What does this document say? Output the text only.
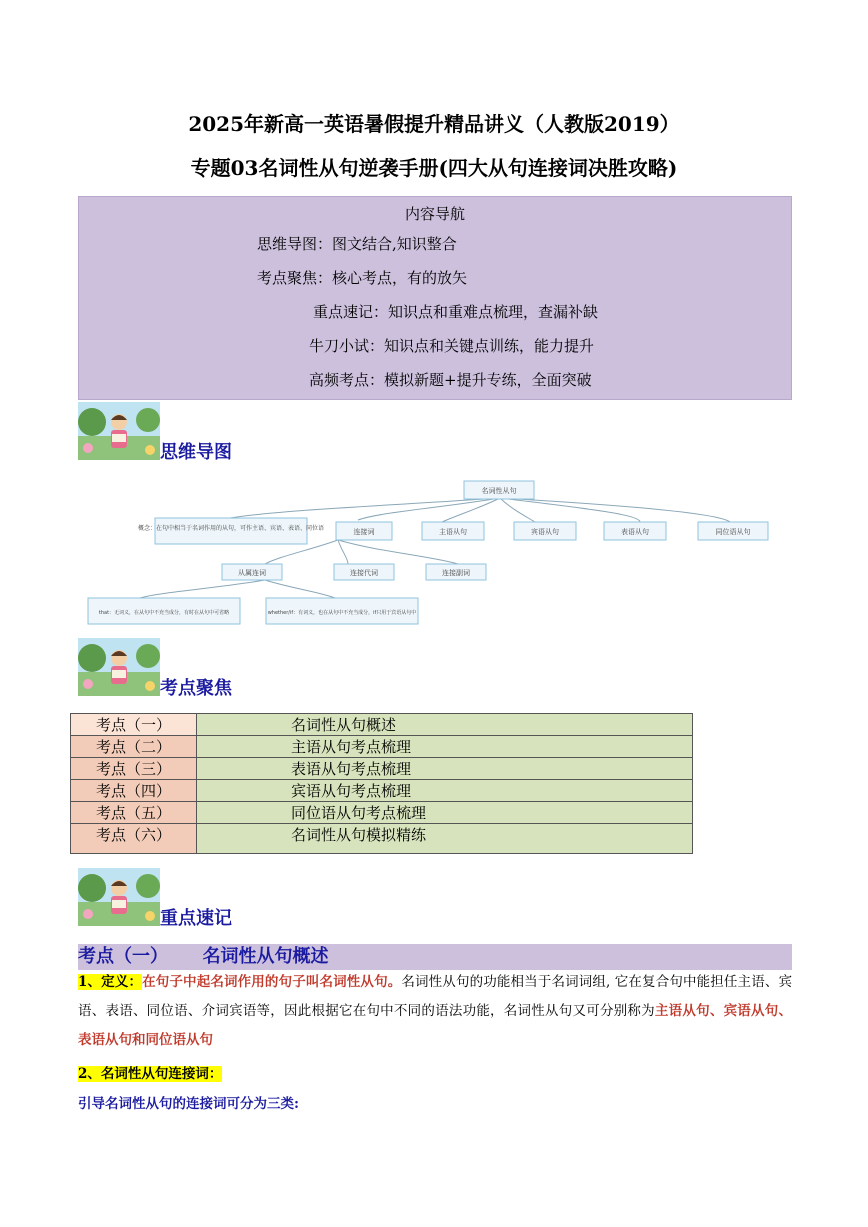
2025年新高一英语暑假提升精品讲义（人教版2019）
专题03名词性从句逆袭手册(四大从句连接词决胜攻略)
内容导航
思维导图：图文结合,知识整合
考点聚焦：核心考点，有的放矢
重点速记：知识点和重难点梳理，查漏补缺
牛刀小试：知识点和关键点训练，能力提升
高频考点：模拟新题+提升专练，全面突破
思维导图
名词性从句
概念：在句中相当于名词作用的从句，可作主语、宾语、表语、同位语	连接词	主语从句	宾语从句	表语从句	同位语从句
从属连词	连接代词	连接副词
that：无词义，在从句中不充当成分，有时在从句中可省略	whether/if：有词义，也在从句中不充当成分，if只用于宾语从句中
考点聚焦
考点（一）	名词性从句概述
考点（二）	主语从句考点梳理
考点（三）	表语从句考点梳理
考点（四）	宾语从句考点梳理
考点（五）	同位语从句考点梳理
考点（六）	名词性从句模拟精练
重点速记
考点（一） 名词性从句概述
1、定义：在句子中起名词作用的句子叫名词性从句。名词性从句的功能相当于名词词组, 它在复合句中能担任主语、宾语、表语、同位语、介词宾语等，因此根据它在句中不同的语法功能，名词性从句又可分别称为主语从句、宾语从句、表语从句和同位语从句
2、名词性从句连接词：
引导名词性从句的连接词可分为三类:
